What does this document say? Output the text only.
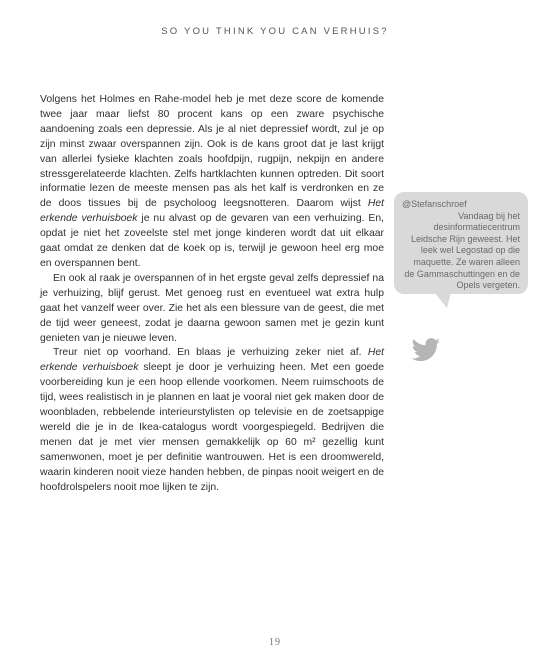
SO YOU THINK YOU CAN VERHUIS?

Volgens het Holmes en Rahe-model heb je met deze score de komende twee jaar maar liefst 80 procent kans op een zware psychische aandoening zoals een depressie. Als je al niet depressief wordt, zul je op zijn minst zwaar overspannen zijn. Ook is de kans groot dat je last krijgt van allerlei fysieke klachten zoals hoofdpijn, rugpijn, nekpijn en andere stressgerelateerde klachten. Zelfs hartklachten kunnen optreden. Dit soort informatie lezen de meeste mensen pas als het kalf is verdronken en ze de doos tissues bij de psycholoog leegsnotteren. Daarom wijst Het erkende verhuisboek je nu alvast op de gevaren van een verhuizing. En, opdat je niet het zoveelste stel met jonge kinderen wordt dat uit elkaar gaat omdat ze denken dat de koek op is, terwijl je gewoon heel erg moe en overspannen bent.

En ook al raak je overspannen of in het ergste geval zelfs depressief na je verhuizing, blijf gerust. Met genoeg rust en eventueel wat extra hulp gaat het vanzelf weer over. Zie het als een blessure van de geest, die met de tijd weer geneest, zodat je daarna gewoon samen met je gezin kunt genieten van je nieuwe leven.

Treur niet op voorhand. En blaas je verhuizing zeker niet af. Het erkende verhuisboek sleept je door je verhuizing heen. Met een goede voorbereiding kun je een hoop ellende voorkomen. Neem ruimschoots de tijd, wees realistisch in je plannen en laat je vooral niet gek maken door de woonbladen, rebbelende interieurstylisten op televisie en de zoetsappige wereld die je in de Ikea-catalogus wordt voorgespiegeld. Bedrijven die menen dat je met vier mensen gemakkelijk op 60 m² gezellig kunt samenwonen, moet je per definitie wantrouwen. Het is een droomwereld, waarin kinderen nooit vieze handen hebben, de pinpas nooit weigert en de hoofdrolspelers nooit moe lijken te zijn.

@Stefanschroef
Vandaag bij het desinformatiecentrum Leidsche Rijn geweest. Het leek wel Legostad op die maquette. Ze waren alleen de Gammaschuttingen en de Opels vergeten.
19
